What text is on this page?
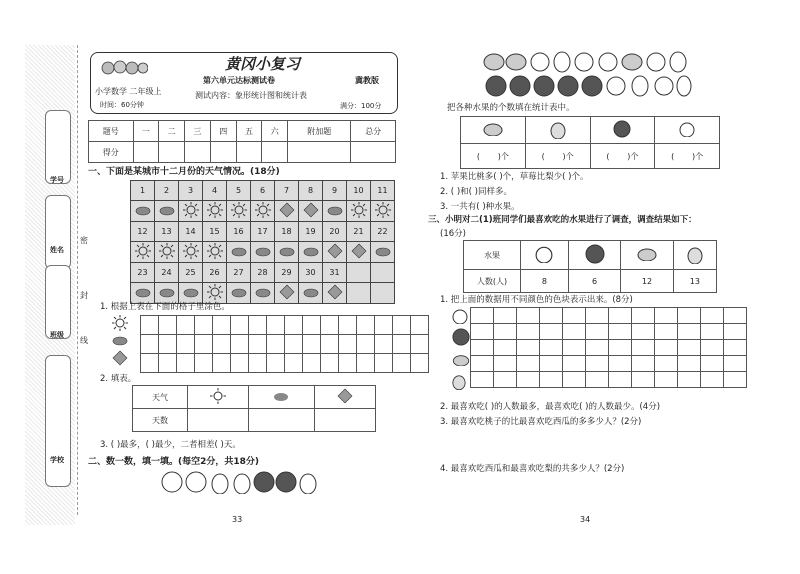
学号
姓名
班级
学校
密
封
线
黄冈小复习
第六单元达标测试卷	冀教版
小学数学 二年级上
时间：60分钟
测试内容：象形统计图和统计表
满分：100分
题号	一	二	三	四	五	六	附加题	总分
得分								
一、下面是某城市十二月份的天气情况。(18分)
1	2	3	4	5	6	7	8	9	10	11

12	13	14	15	16	17	18	19	20	21	22

23	24	25	26	27	28	29	30	31		

1. 根据上表在下面的格子里涂色。

2. 填表。
天气			
天数			
3. ( )最多，( )最少，二者相差( )天。
二、数一数，填一填。(每空2分，共18分)
33
把各种水果的个数填在统计表中。

(       )个	(       )个	(       )个	(       )个
1. 苹果比桃多( )个，草莓比梨少( )个。
2. ( )和( )同样多。
3. 一共有( )种水果。
三、小明对二(1)班同学们最喜欢吃的水果进行了调查，调查结果如下：
(16分)
水果				
人数(人)	8	6	12	13
1. 把上面的数据用不同颜色的色块表示出来。(8分)

2. 最喜欢吃( )的人数最多，最喜欢吃( )的人数最少。(4分)
3. 最喜欢吃桃子的比最喜欢吃西瓜的多多少人？(2分)
4. 最喜欢吃西瓜和最喜欢吃梨的共多少人？(2分)
34
